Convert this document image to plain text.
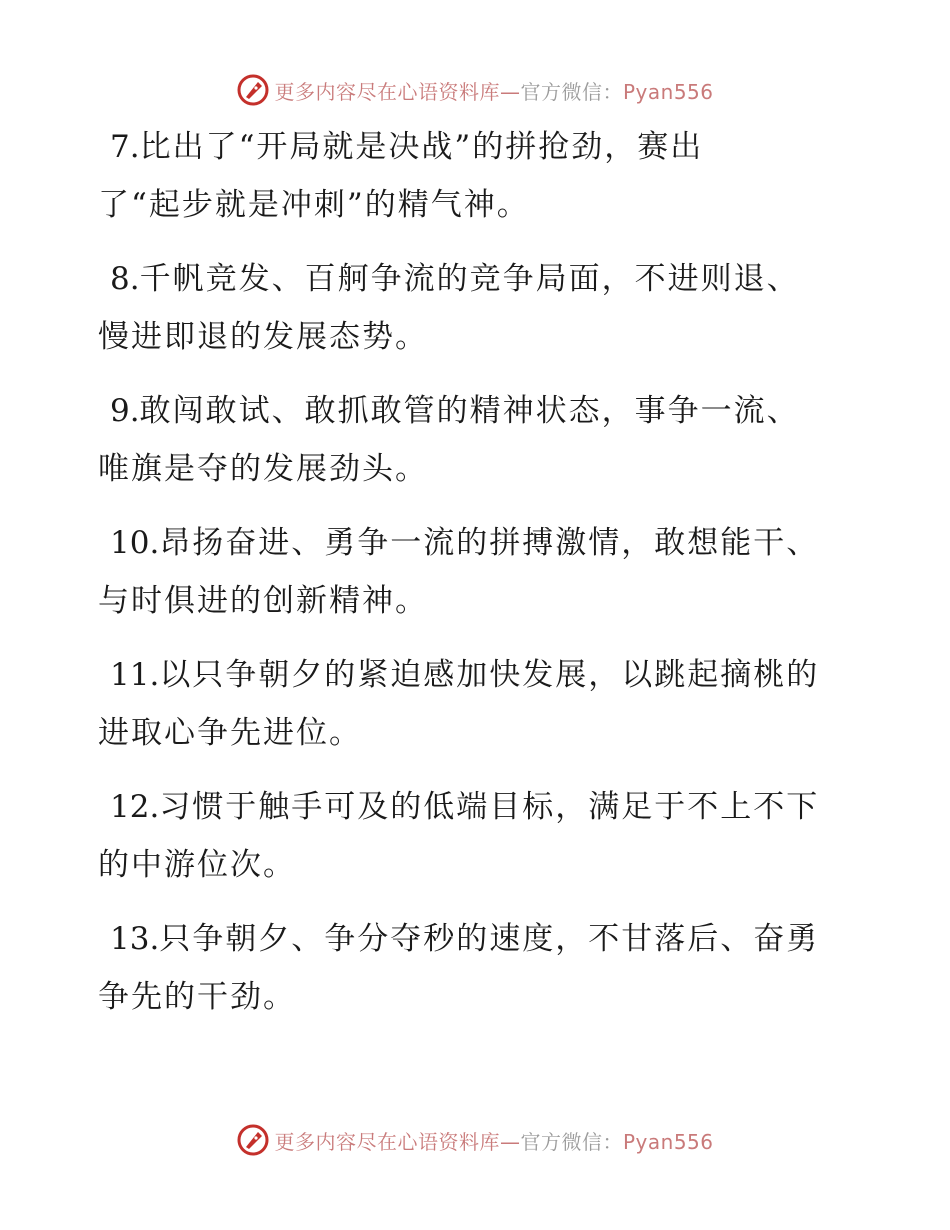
更多内容尽在心语资料库—官方微信：Pyan556
7.比出了“开局就是决战”的拼抢劲，赛出
了“起步就是冲刺”的精气神。
8.千帆竞发、百舸争流的竞争局面，不进则退、
慢进即退的发展态势。
9.敢闯敢试、敢抓敢管的精神状态，事争一流、
唯旗是夺的发展劲头。
10.昂扬奋进、勇争一流的拼搏激情，敢想能干、
与时俱进的创新精神。
11.以只争朝夕的紧迫感加快发展，以跳起摘桃的
进取心争先进位。
12.习惯于触手可及的低端目标，满足于不上不下
的中游位次。
13.只争朝夕、争分夺秒的速度，不甘落后、奋勇
争先的干劲。
更多内容尽在心语资料库—官方微信：Pyan556
